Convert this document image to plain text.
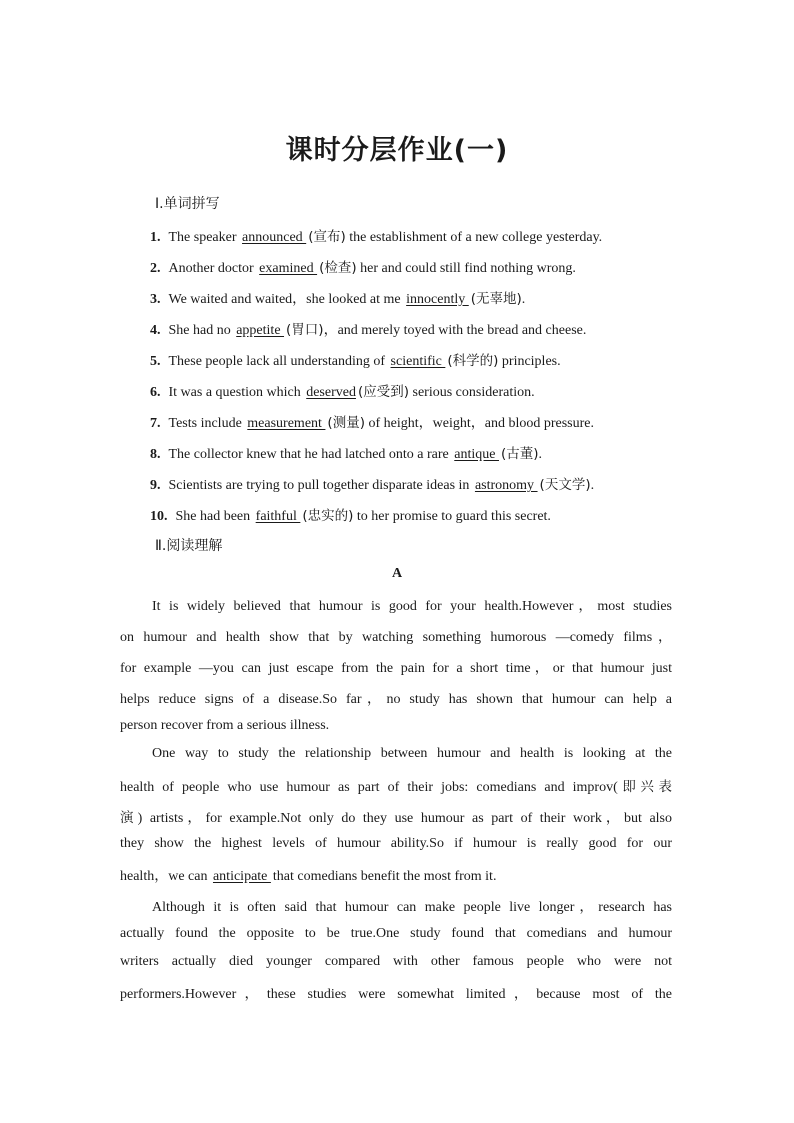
课时分层作业(一)
Ⅰ.单词拼写
1. The speaker announced (宣布) the establishment of a new college yesterday.
2. Another doctor examined (检查) her and could still find nothing wrong.
3. We waited and waited，she looked at me innocently (无辜地).
4. She had no appetite (胃口)，and merely toyed with the bread and cheese.
5. These people lack all understanding of scientific (科学的) principles.
6. It was a question which deserved (应受到) serious consideration.
7. Tests include measurement (测量) of height，weight，and blood pressure.
8. The collector knew that he had latched onto a rare antique (古董).
9. Scientists are trying to pull together disparate ideas in astronomy (天文学).
10. She had been faithful (忠实的) to her promise to guard this secret.
Ⅱ.阅读理解
A
It is widely believed that humour is good for your health.However，most studies
on humour and health show that by watching something humorous —comedy films，
for example —you can just escape from the pain for a short time，or that humour just
helps reduce signs of a disease.So far，no study has shown that humour can help a
person recover from a serious illness.
One way to study the relationship between humour and health is looking at the
health of people who use humour as part of their jobs: comedians and improv(即兴表
演) artists，for example.Not only do they use humour as part of their work，but also
they show the highest levels of humour ability.So if humour is really good for our
health，we can anticipate that comedians benefit the most from it.
Although it is often said that humour can make people live longer，research has
actually found the opposite to be true.One study found that comedians and humour
writers actually died younger compared with other famous people who were not
performers.However，these studies were somewhat limited，because most of the
